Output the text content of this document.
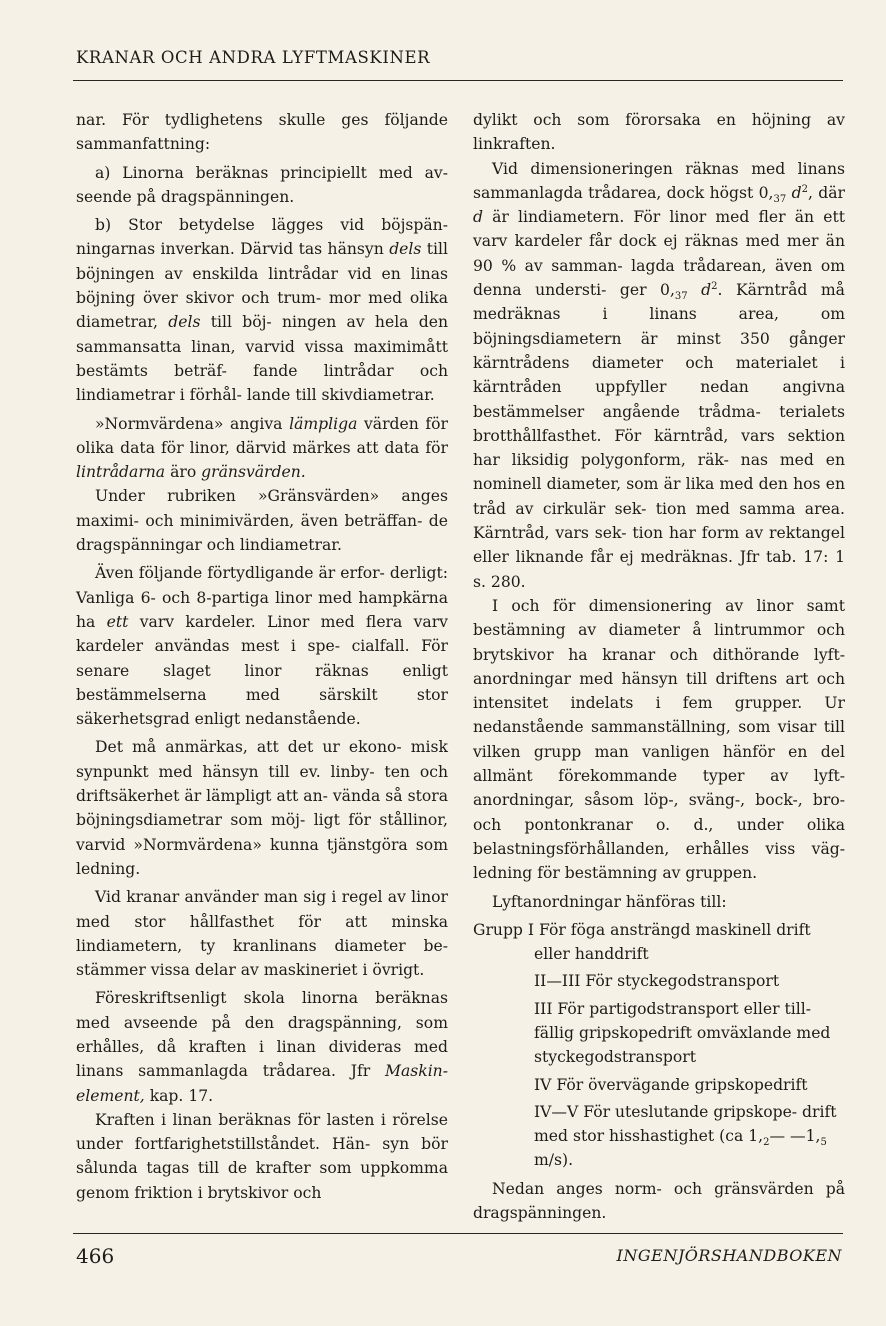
KRANAR OCH ANDRA LYFTMASKINER

nar. För tydlighetens skulle ges följande sammanfattning:

a) Linorna beräknas principiellt med av- seende på dragspänningen.

b) Stor betydelse lägges vid böjspän- ningarnas inverkan. Därvid tas hänsyn dels till böjningen av enskilda lintrådar vid en linas böjning över skivor och trum- mor med olika diametrar, dels till böj- ningen av hela den sammansatta linan, varvid vissa maximimått bestämts beträf- fande lintrådar och lindiametrar i förhål- lande till skivdiametrar.

»Normvärdena» angiva lämpliga värden för olika data för linor, därvid märkes att data för lintrådarna äro gränsvärden.

Under rubriken »Gränsvärden» anges maximi- och minimivärden, även beträffan- de dragspänningar och lindiametrar.

Även följande förtydligande är erfor- derligt: Vanliga 6- och 8-partiga linor med hampkärna ha ett varv kardeler. Linor med flera varv kardeler användas mest i spe- cialfall. För senare slaget linor räknas enligt bestämmelserna med särskilt stor säkerhetsgrad enligt nedanstående.

Det må anmärkas, att det ur ekono- misk synpunkt med hänsyn till ev. linby- ten och driftsäkerhet är lämpligt att an- vända så stora böjningsdiametrar som möj- ligt för stållinor, varvid »Normvärdena» kunna tjänstgöra som ledning.

Vid kranar använder man sig i regel av linor med stor hållfasthet för att minska lindiametern, ty kranlinans diameter be- stämmer vissa delar av maskineriet i övrigt.

Föreskriftsenligt skola linorna beräknas med avseende på den dragspänning, som erhålles, då kraften i linan divideras med linans sammanlagda trådarea. Jfr Maskin- element, kap. 17.

Kraften i linan beräknas för lasten i rörelse under fortfarighetstillståndet. Hän- syn bör sålunda tagas till de krafter som uppkomma genom friktion i brytskivor och

dylikt och som förorsaka en höjning av linkraften.

Vid dimensioneringen räknas med linans sammanlagda trådarea, dock högst $0,_{37}$ $d^2$, där d är lindiametern. För linor med fler än ett varv kardeler får dock ej räknas med mer än 90 % av samman- lagda trådarean, även om denna understi- ger $0,_{37}$ $d^2$. Kärntråd må medräknas i linans area, om böjningsdiametern är minst 350 gånger kärntrådens diameter och materialet i kärntråden uppfyller nedan angivna bestämmelser angående trådma- terialets brotthållfasthet. För kärntråd, vars sektion har liksidig polygonform, räk- nas med en nominell diameter, som är lika med den hos en tråd av cirkulär sek- tion med samma area. Kärntråd, vars sek- tion har form av rektangel eller liknande får ej medräknas. Jfr tab. 17: 1 s. 280.

I och för dimensionering av linor samt bestämning av diameter å lintrummor och brytskivor ha kranar och dithörande lyft- anordningar med hänsyn till driftens art och intensitet indelats i fem grupper. Ur nedanstående sammanställning, som visar till vilken grupp man vanligen hänför en del allmänt förekommande typer av lyft- anordningar, såsom löp-, sväng-, bock-, bro- och pontonkranar o. d., under olika belastningsförhållanden, erhålles viss väg- ledning för bestämning av gruppen.

Lyftanordningar hänföras till:

Grupp I För föga ansträngd maskinell drift eller handdrift
II—III För styckegodstransport
III För partigodstransport eller till- fällig gripskopedrift omväxlande med styckegodstransport
IV För övervägande gripskopedrift
IV—V För uteslutande gripskope- drift med stor hisshastighet (ca $1,_2—$ $—1,_5$ m/s).

Nedan anges norm- och gränsvärden på dragspänningen.

466	INGENJÖRSHANDBOKEN
